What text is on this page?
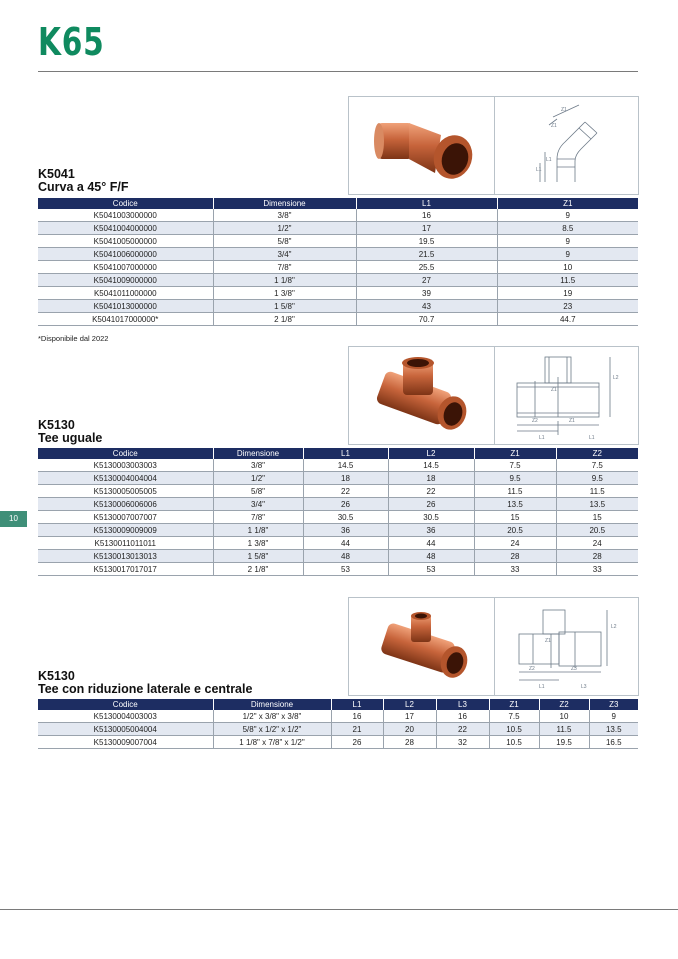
K65
10
L1
L1
Z1
Z1
K5041
Curva a 45° F/F
Codice	Dimensione	L1	Z1
K5041003000000	3/8"	16	9
K5041004000000	1/2"	17	8.5
K5041005000000	5/8"	19.5	9
K5041006000000	3/4"	21.5	9
K5041007000000	7/8"	25.5	10
K5041009000000	1 1/8"	27	11.5
K5041011000000	1 3/8"	39	19
K5041013000000	1 5/8"	43	23
K5041017000000*	2 1/8"	70.7	44.7
*Disponibile dal 2022
Z2
Z1
Z1
L1	L1
L2
K5130
Tee uguale
Codice	Dimensione	L1	L2	Z1	Z2
K5130003003003	3/8"	14.5	14.5	7.5	7.5
K5130004004004	1/2"	18	18	9.5	9.5
K5130005005005	5/8"	22	22	11.5	11.5
K5130006006006	3/4"	26	26	13.5	13.5
K5130007007007	7/8"	30.5	30.5	15	15
K5130009009009	1 1/8"	36	36	20.5	20.5
K5130011011011	1 3/8"	44	44	24	24
K5130013013013	1 5/8"	48	48	28	28
K5130017017017	2 1/8"	53	53	33	33
Z2
Z1
Z3
L1	L3
L2
K5130
Tee con riduzione laterale e centrale
Codice	Dimensione	L1	L2	L3	Z1	Z2	Z3
K5130004003003	1/2" x 3/8" x 3/8"	16	17	16	7.5	10	9
K5130005004004	5/8" x 1/2" x 1/2"	21	20	22	10.5	11.5	13.5
K5130009007004	1 1/8" x 7/8" x 1/2"	26	28	32	10.5	19.5	16.5
